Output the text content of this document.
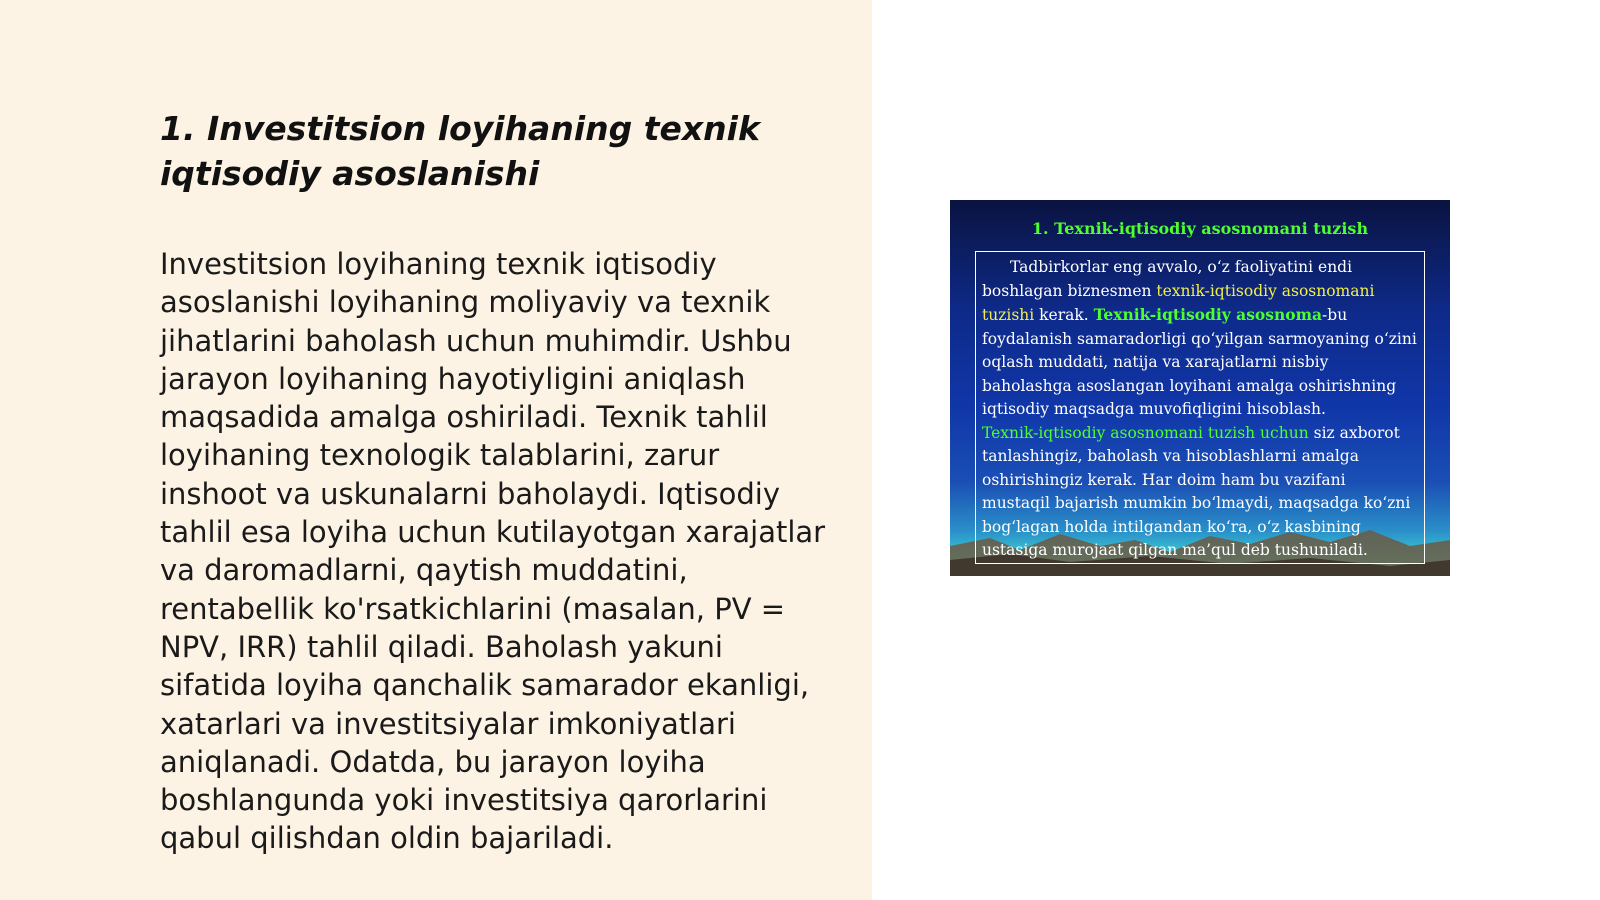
1. Investitsion loyihaning texnik iqtisodiy asoslanishi

Investitsion loyihaning texnik iqtisodiy asoslanishi loyihaning moliyaviy va texnik jihatlarini baholash uchun muhimdir. Ushbu jarayon loyihaning hayotiyligini aniqlash maqsadida amalga oshiriladi. Texnik tahlil loyihaning texnologik talablarini, zarur inshoot va uskunalarni baholaydi. Iqtisodiy tahlil esa loyiha uchun kutilayotgan xarajatlar va daromadlarni, qaytish muddatini, rentabellik ko'rsatkichlarini (masalan, PV = NPV, IRR) tahlil qiladi. Baholash yakuni sifatida loyiha qanchalik samarador ekanligi, xatarlari va investitsiyalar imkoniyatlari aniqlanadi. Odatda, bu jarayon loyiha boshlangunda yoki investitsiya qarorlarini qabul qilishdan oldin bajariladi.

1. Texnik-iqtisodiy asosnomani tuzish
Tadbirkorlar eng avvalo, o‘z faoliyatini endi boshlagan biznesmen texnik-iqtisodiy asosnomani tuzishi kerak. Texnik-iqtisodiy asosnoma-bu foydalanish samaradorligi qo‘yilgan sarmoyaning o‘zini oqlash muddati, natija va xarajatlarni nisbiy baholashga asoslangan loyihani amalga oshirishning iqtisodiy maqsadga muvofiqligini hisoblash.
Texnik-iqtisodiy asosnomani tuzish uchun siz axborot tanlashingiz, baholash va hisoblashlarni amalga oshirishingiz kerak. Har doim ham bu vazifani mustaqil bajarish mumkin bo‘lmaydi, maqsadga ko‘zni bog‘lagan holda intilgandan ko‘ra, o‘z kasbining ustasiga murojaat qilgan ma’qul deb tushuniladi.
